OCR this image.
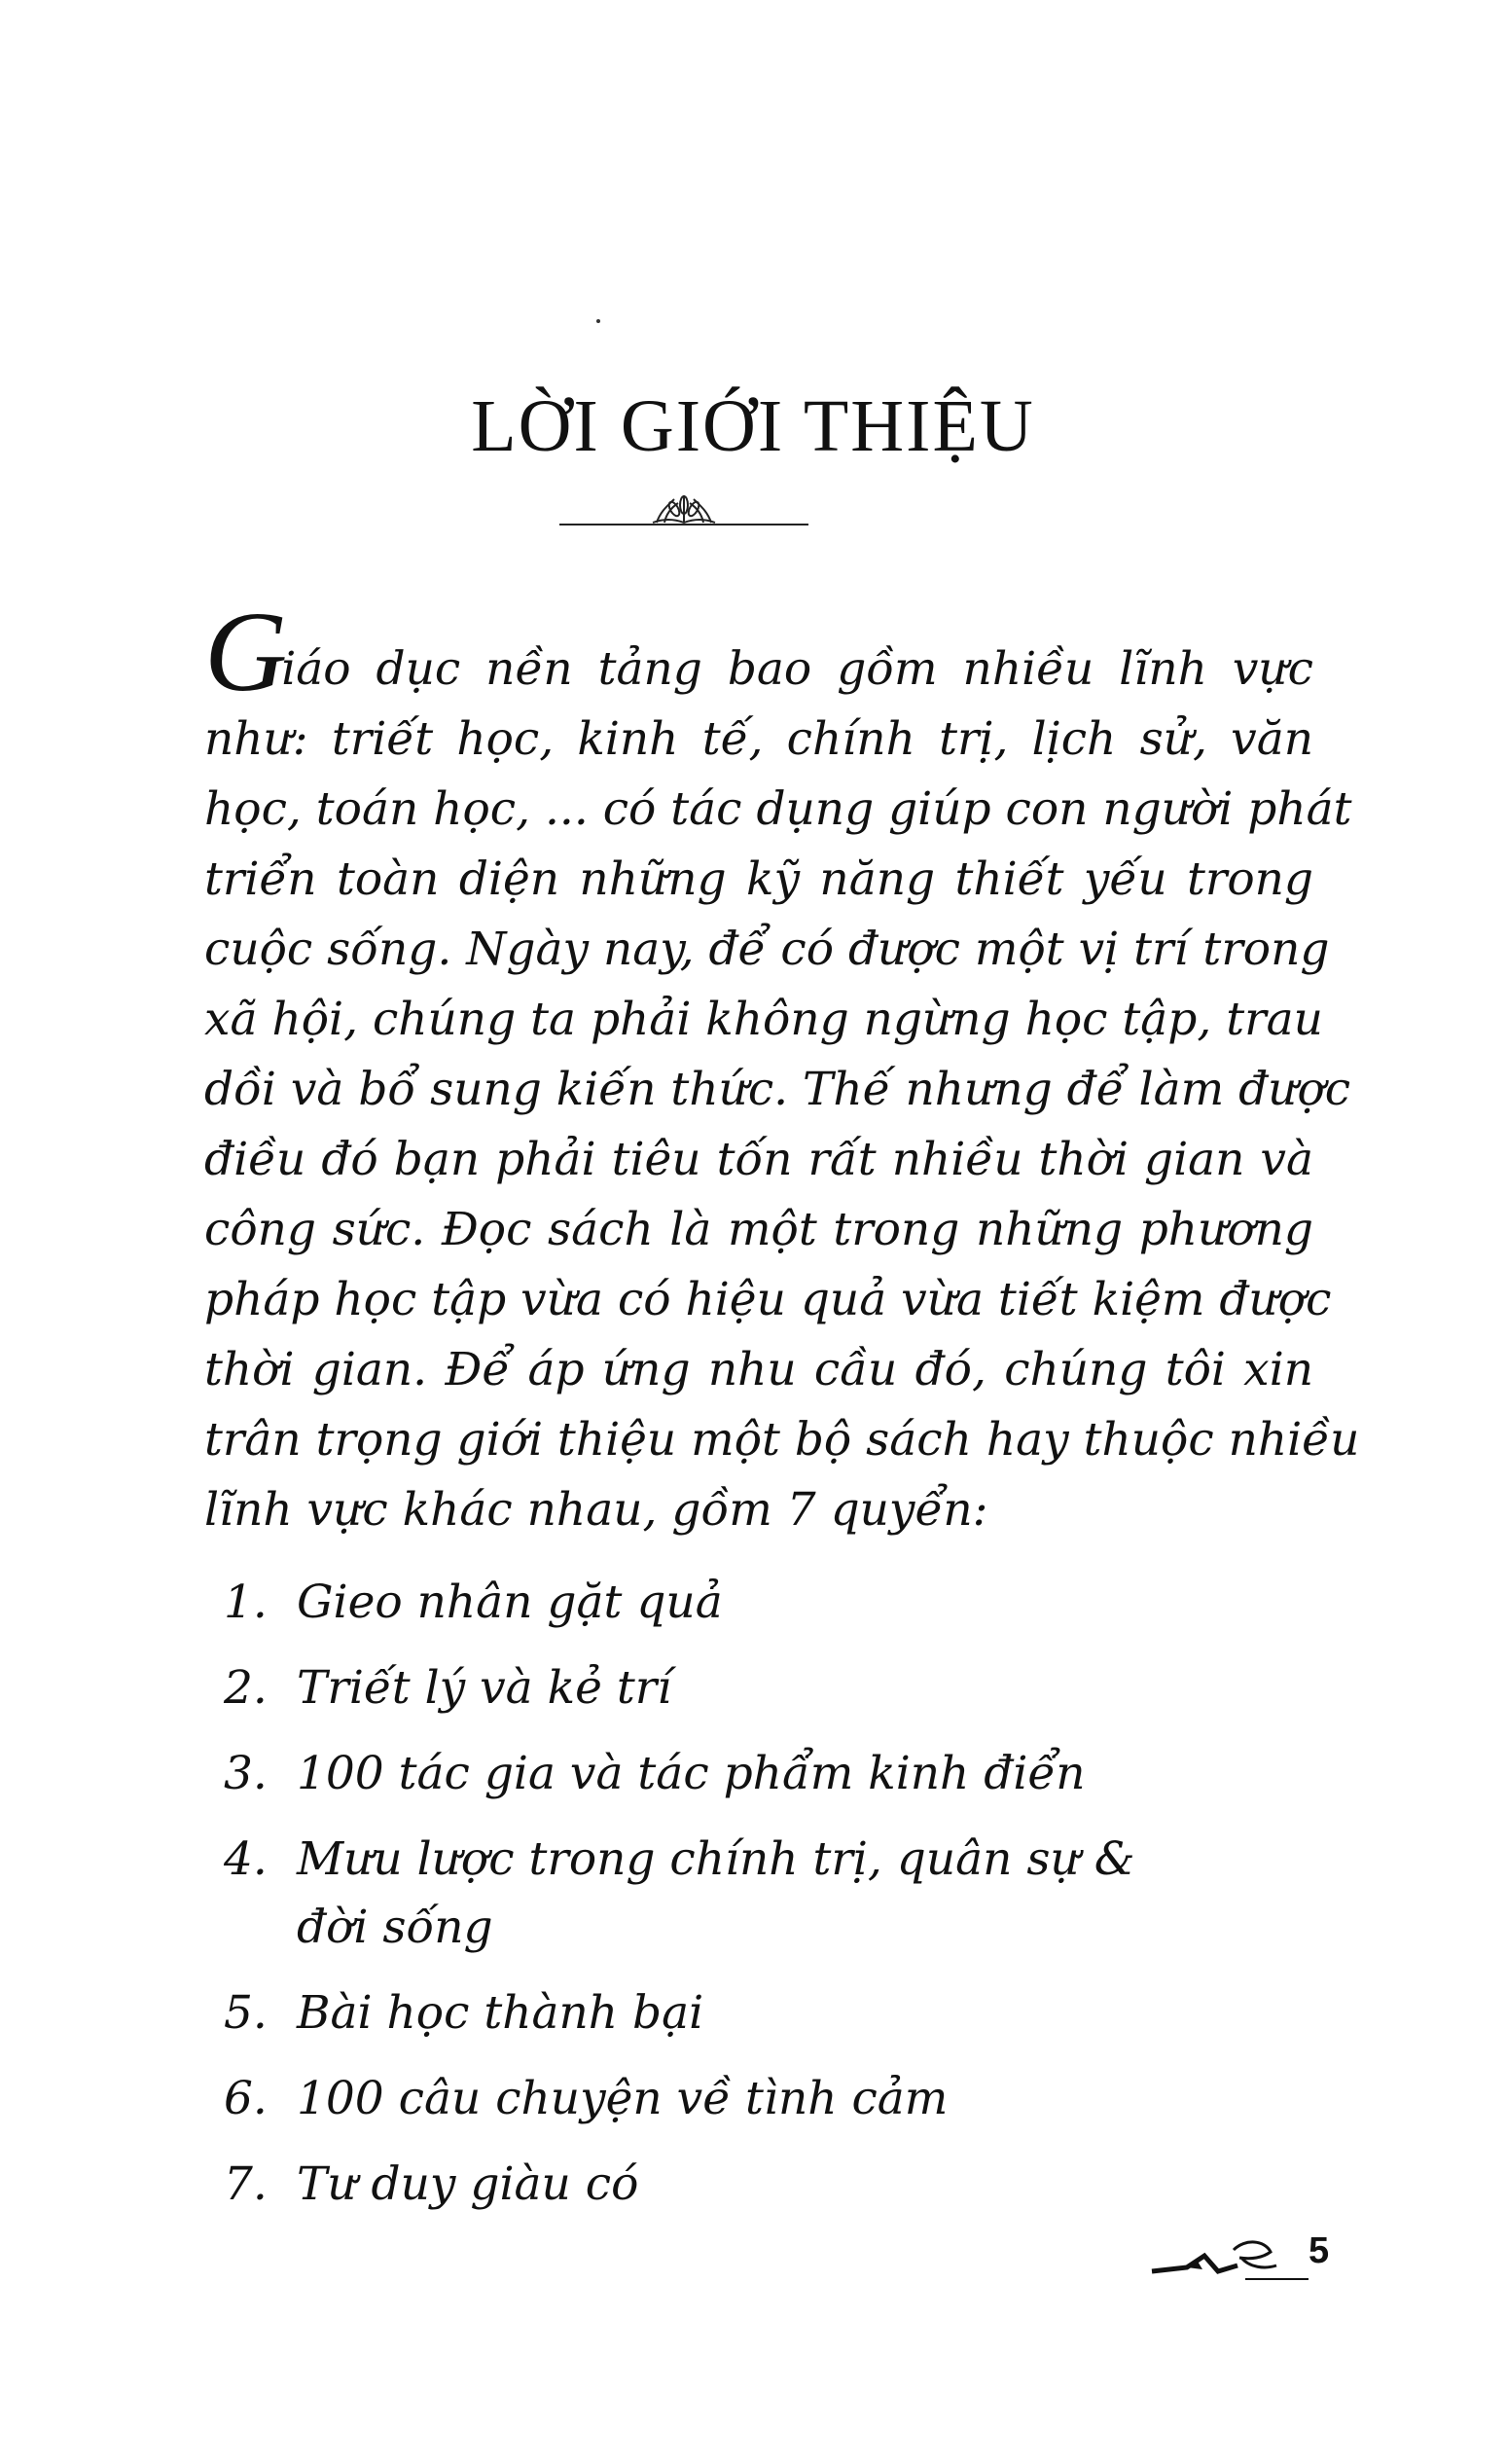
LỜI GIỚI THIỆU
Giáo dục nền tảng bao gồm nhiều lĩnh vực
như: triết học, kinh tế, chính trị, lịch sử, văn
học, toán học, ... có tác dụng giúp con người phát
triển toàn diện những kỹ năng thiết yếu trong
cuộc sống. Ngày nay, để có được một vị trí trong
xã hội, chúng ta phải không ngừng học tập, trau
dồi và bổ sung kiến thức. Thế nhưng để làm được
điều đó bạn phải tiêu tốn rất nhiều thời gian và
công sức. Đọc sách là một trong những phương
pháp học tập vừa có hiệu quả vừa tiết kiệm được
thời gian. Để áp ứng nhu cầu đó, chúng tôi xin
trân trọng giới thiệu một bộ sách hay thuộc nhiều
lĩnh vực khác nhau, gồm 7 quyển:
1. Gieo nhân gặt quả
2. Triết lý và kẻ trí
3. 100 tác gia và tác phẩm kinh điển
4. Mưu lược trong chính trị, quân sự & đời sống
5. Bài học thành bại
6. 100 câu chuyện về tình cảm
7. Tư duy giàu có
5
